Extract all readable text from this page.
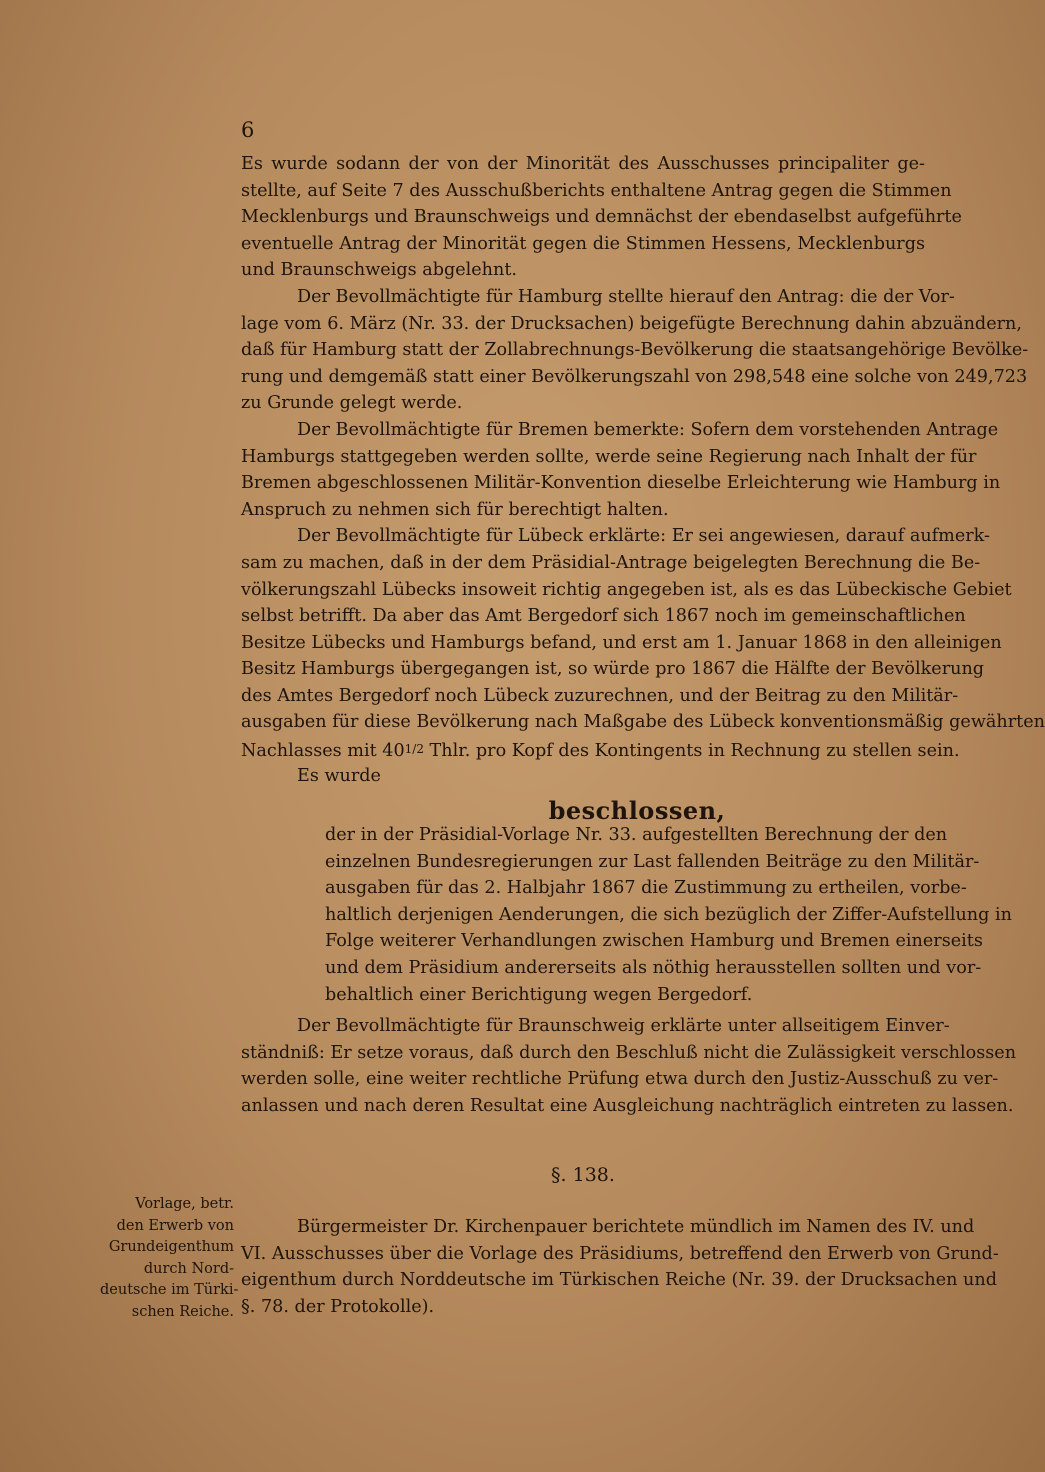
6
Es wurde sodann der von der Minorität des Ausschusses principaliter ge-
stellte, auf Seite 7 des Ausschußberichts enthaltene Antrag gegen die Stimmen
Mecklenburgs und Braunschweigs und demnächst der ebendaselbst aufgeführte
eventuelle Antrag der Minorität gegen die Stimmen Hessens, Mecklenburgs
und Braunschweigs abgelehnt.
Der Bevollmächtigte für Hamburg stellte hierauf den Antrag: die der Vor-
lage vom 6. März (Nr. 33. der Drucksachen) beigefügte Berechnung dahin abzuändern,
daß für Hamburg statt der Zollabrechnungs-Bevölkerung die staatsangehörige Bevölke-
rung und demgemäß statt einer Bevölkerungszahl von 298,548 eine solche von 249,723
zu Grunde gelegt werde.
Der Bevollmächtigte für Bremen bemerkte: Sofern dem vorstehenden Antrage
Hamburgs stattgegeben werden sollte, werde seine Regierung nach Inhalt der für
Bremen abgeschlossenen Militär-Konvention dieselbe Erleichterung wie Hamburg in
Anspruch zu nehmen sich für berechtigt halten.
Der Bevollmächtigte für Lübeck erklärte: Er sei angewiesen, darauf aufmerk-
sam zu machen, daß in der dem Präsidial-Antrage beigelegten Berechnung die Be-
völkerungszahl Lübecks insoweit richtig angegeben ist, als es das Lübeckische Gebiet
selbst betrifft. Da aber das Amt Bergedorf sich 1867 noch im gemeinschaftlichen
Besitze Lübecks und Hamburgs befand, und erst am 1. Januar 1868 in den alleinigen
Besitz Hamburgs übergegangen ist, so würde pro 1867 die Hälfte der Bevölkerung
des Amtes Bergedorf noch Lübeck zuzurechnen, und der Beitrag zu den Militär-
ausgaben für diese Bevölkerung nach Maßgabe des Lübeck konventionsmäßig gewährten
Nachlasses mit 401/2 Thlr. pro Kopf des Kontingents in Rechnung zu stellen sein.
Es wurde
beschlossen,
der in der Präsidial-Vorlage Nr. 33. aufgestellten Berechnung der den
einzelnen Bundesregierungen zur Last fallenden Beiträge zu den Militär-
ausgaben für das 2. Halbjahr 1867 die Zustimmung zu ertheilen, vorbe-
haltlich derjenigen Aenderungen, die sich bezüglich der Ziffer-Aufstellung in
Folge weiterer Verhandlungen zwischen Hamburg und Bremen einerseits
und dem Präsidium andererseits als nöthig herausstellen sollten und vor-
behaltlich einer Berichtigung wegen Bergedorf.
Der Bevollmächtigte für Braunschweig erklärte unter allseitigem Einver-
ständniß: Er setze voraus, daß durch den Beschluß nicht die Zulässigkeit verschlossen
werden solle, eine weiter rechtliche Prüfung etwa durch den Justiz-Ausschuß zu ver-
anlassen und nach deren Resultat eine Ausgleichung nachträglich eintreten zu lassen.
§. 138.
Vorlage, betr.
den Erwerb von
Grundeigenthum
durch Nord-
deutsche im Türki-
schen Reiche.
Bürgermeister Dr. Kirchenpauer berichtete mündlich im Namen des IV. und
VI. Ausschusses über die Vorlage des Präsidiums, betreffend den Erwerb von Grund-
eigenthum durch Norddeutsche im Türkischen Reiche (Nr. 39. der Drucksachen und
§. 78. der Protokolle).
